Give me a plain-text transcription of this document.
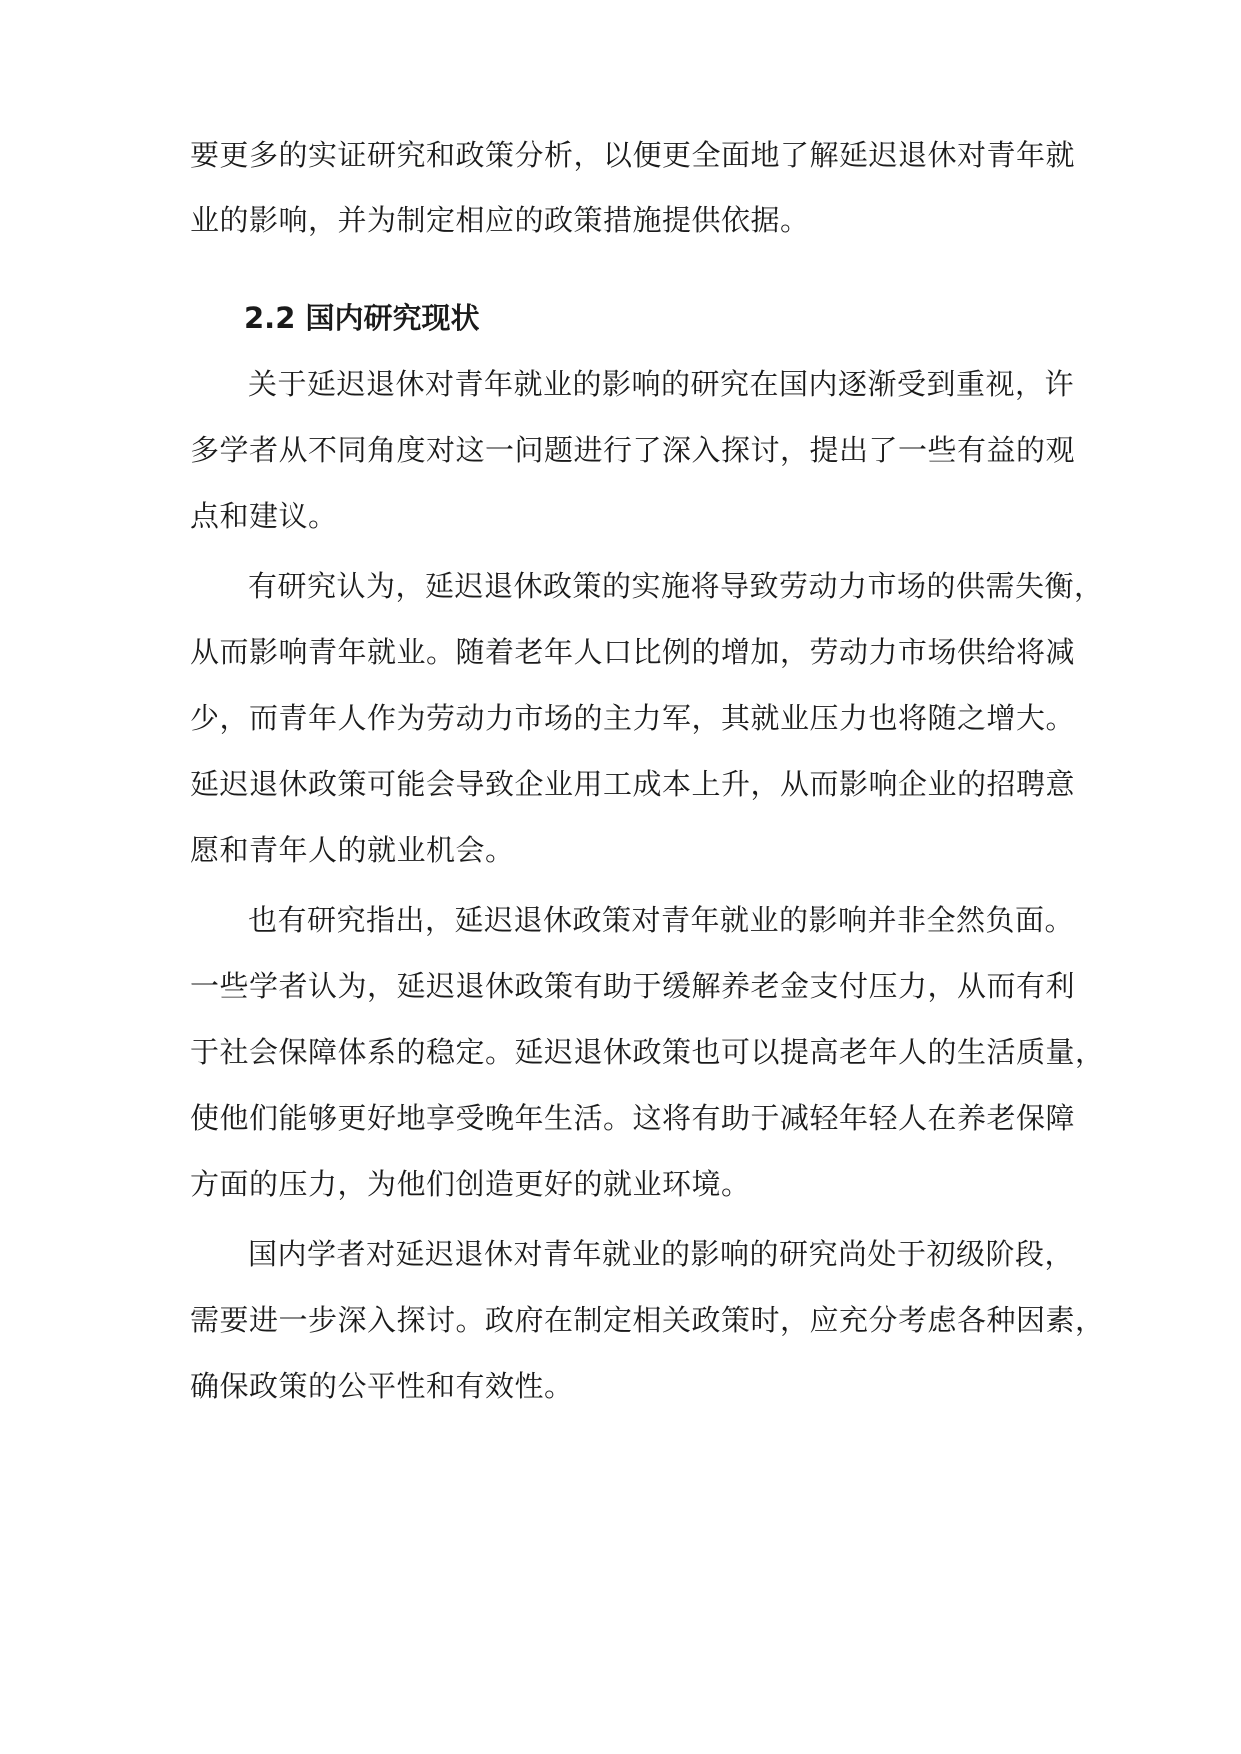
要更多的实证研究和政策分析，以便更全面地了解延迟退休对青年就
业的影响，并为制定相应的政策措施提供依据。
2.2 国内研究现状
关于延迟退休对青年就业的影响的研究在国内逐渐受到重视，许
多学者从不同角度对这一问题进行了深入探讨，提出了一些有益的观
点和建议。
有研究认为，延迟退休政策的实施将导致劳动力市场的供需失衡，
从而影响青年就业。随着老年人口比例的增加，劳动力市场供给将减
少，而青年人作为劳动力市场的主力军，其就业压力也将随之增大。
延迟退休政策可能会导致企业用工成本上升，从而影响企业的招聘意
愿和青年人的就业机会。
也有研究指出，延迟退休政策对青年就业的影响并非全然负面。
一些学者认为，延迟退休政策有助于缓解养老金支付压力，从而有利
于社会保障体系的稳定。延迟退休政策也可以提高老年人的生活质量，
使他们能够更好地享受晚年生活。这将有助于减轻年轻人在养老保障
方面的压力，为他们创造更好的就业环境。
国内学者对延迟退休对青年就业的影响的研究尚处于初级阶段，
需要进一步深入探讨。政府在制定相关政策时，应充分考虑各种因素，
确保政策的公平性和有效性。
